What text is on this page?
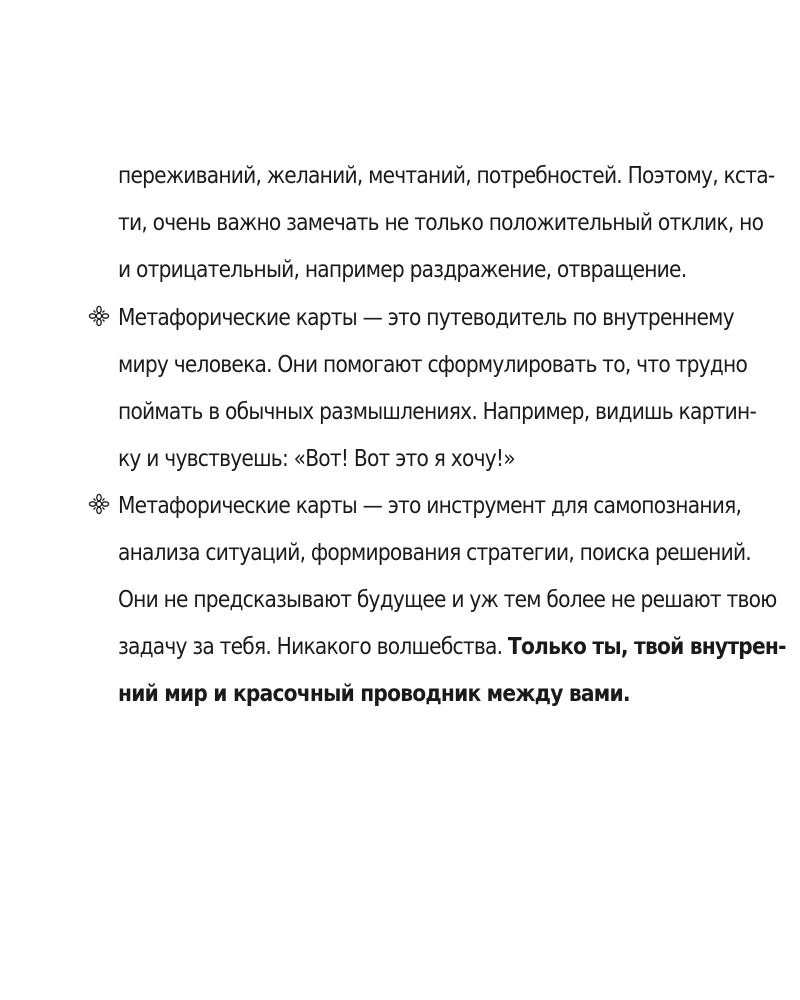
переживаний, желаний, мечтаний, потребностей. Поэтому, кста-
ти, очень важно замечать не только положительный отклик, но
и отрицательный, например раздражение, отвращение.
Метафорические карты — это путеводитель по внутреннему
миру человека. Они помогают сформулировать то, что трудно
поймать в обычных размышлениях. Например, видишь картин-
ку и чувствуешь: «Вот! Вот это я хочу!»
Метафорические карты — это инструмент для самопознания,
анализа ситуаций, формирования стратегии, поиска решений.
Они не предсказывают будущее и уж тем более не решают твою
задачу за тебя. Никакого волшебства. Только ты, твой внутрен-
ний мир и красочный проводник между вами.
